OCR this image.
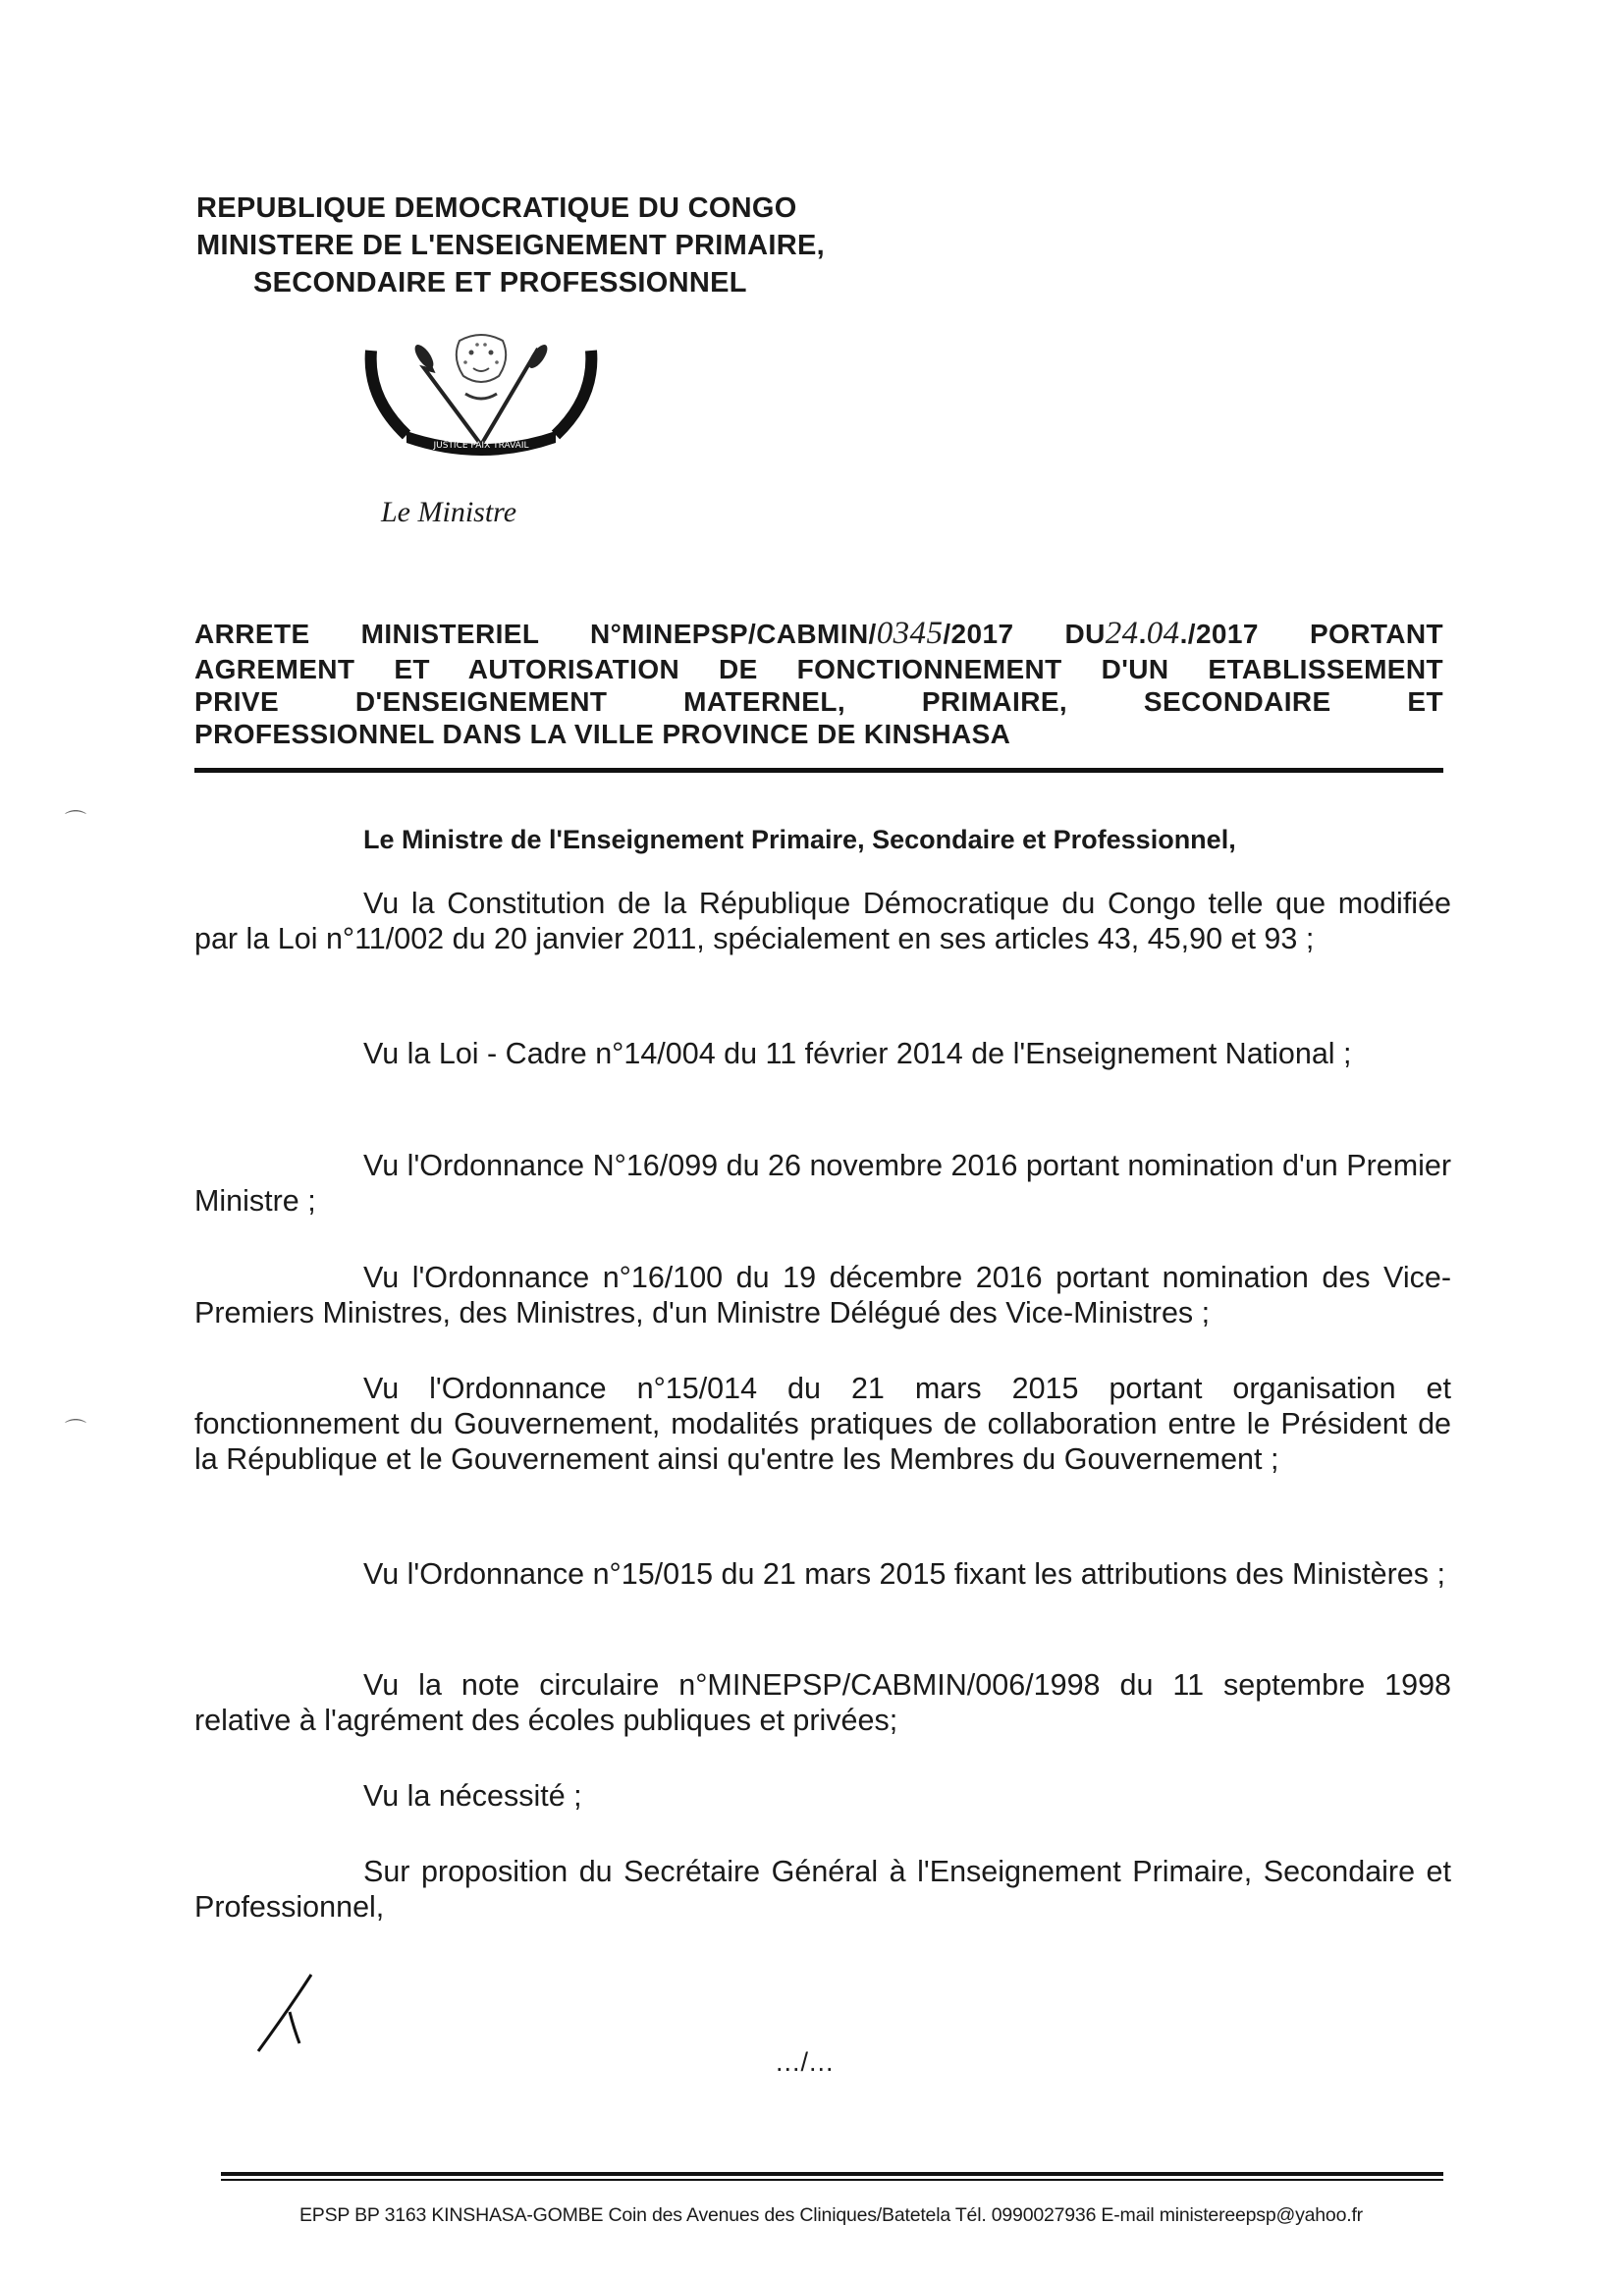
REPUBLIQUE DEMOCRATIQUE DU CONGO
MINISTERE DE L'ENSEIGNEMENT PRIMAIRE,
SECONDAIRE ET PROFESSIONNEL
JUSTICE PAIX TRAVAIL
Le Ministre
ARRETE MINISTERIEL N°MINEPSP/CABMIN/0345/2017 DU24.04./2017 PORTANT
AGREMENT ET AUTORISATION DE FONCTIONNEMENT D'UN ETABLISSEMENT
PRIVE D'ENSEIGNEMENT MATERNEL, PRIMAIRE, SECONDAIRE ET
PROFESSIONNEL DANS LA VILLE PROVINCE DE KINSHASA
⌒
⌒
Le Ministre de l'Enseignement Primaire, Secondaire et Professionnel,
Vu la Constitution de la République Démocratique du Congo telle que modifiée par la Loi n°11/002 du 20 janvier 2011, spécialement en ses articles 43, 45,90 et 93 ;
Vu la Loi - Cadre n°14/004 du 11 février 2014 de l'Enseignement National ;
Vu l'Ordonnance N°16/099 du 26 novembre 2016 portant nomination d'un Premier Ministre ;
Vu l'Ordonnance n°16/100 du 19 décembre 2016 portant nomination des Vice-Premiers Ministres, des Ministres, d'un Ministre Délégué des Vice-Ministres ;
Vu l'Ordonnance n°15/014 du 21 mars 2015 portant organisation et fonctionnement du Gouvernement, modalités pratiques de collaboration entre le Président de la République et le Gouvernement ainsi qu'entre les Membres du Gouvernement ;
Vu l'Ordonnance n°15/015 du 21 mars 2015 fixant les attributions des Ministères ;
Vu la note circulaire n°MINEPSP/CABMIN/006/1998 du 11 septembre 1998 relative à l'agrément des écoles publiques et privées;
Vu la nécessité ;
Sur proposition du Secrétaire Général à l'Enseignement Primaire, Secondaire et Professionnel,
.../...
EPSP BP 3163 KINSHASA-GOMBE Coin des Avenues des Cliniques/Batetela Tél. 0990027936 E-mail ministereepsp@yahoo.fr
